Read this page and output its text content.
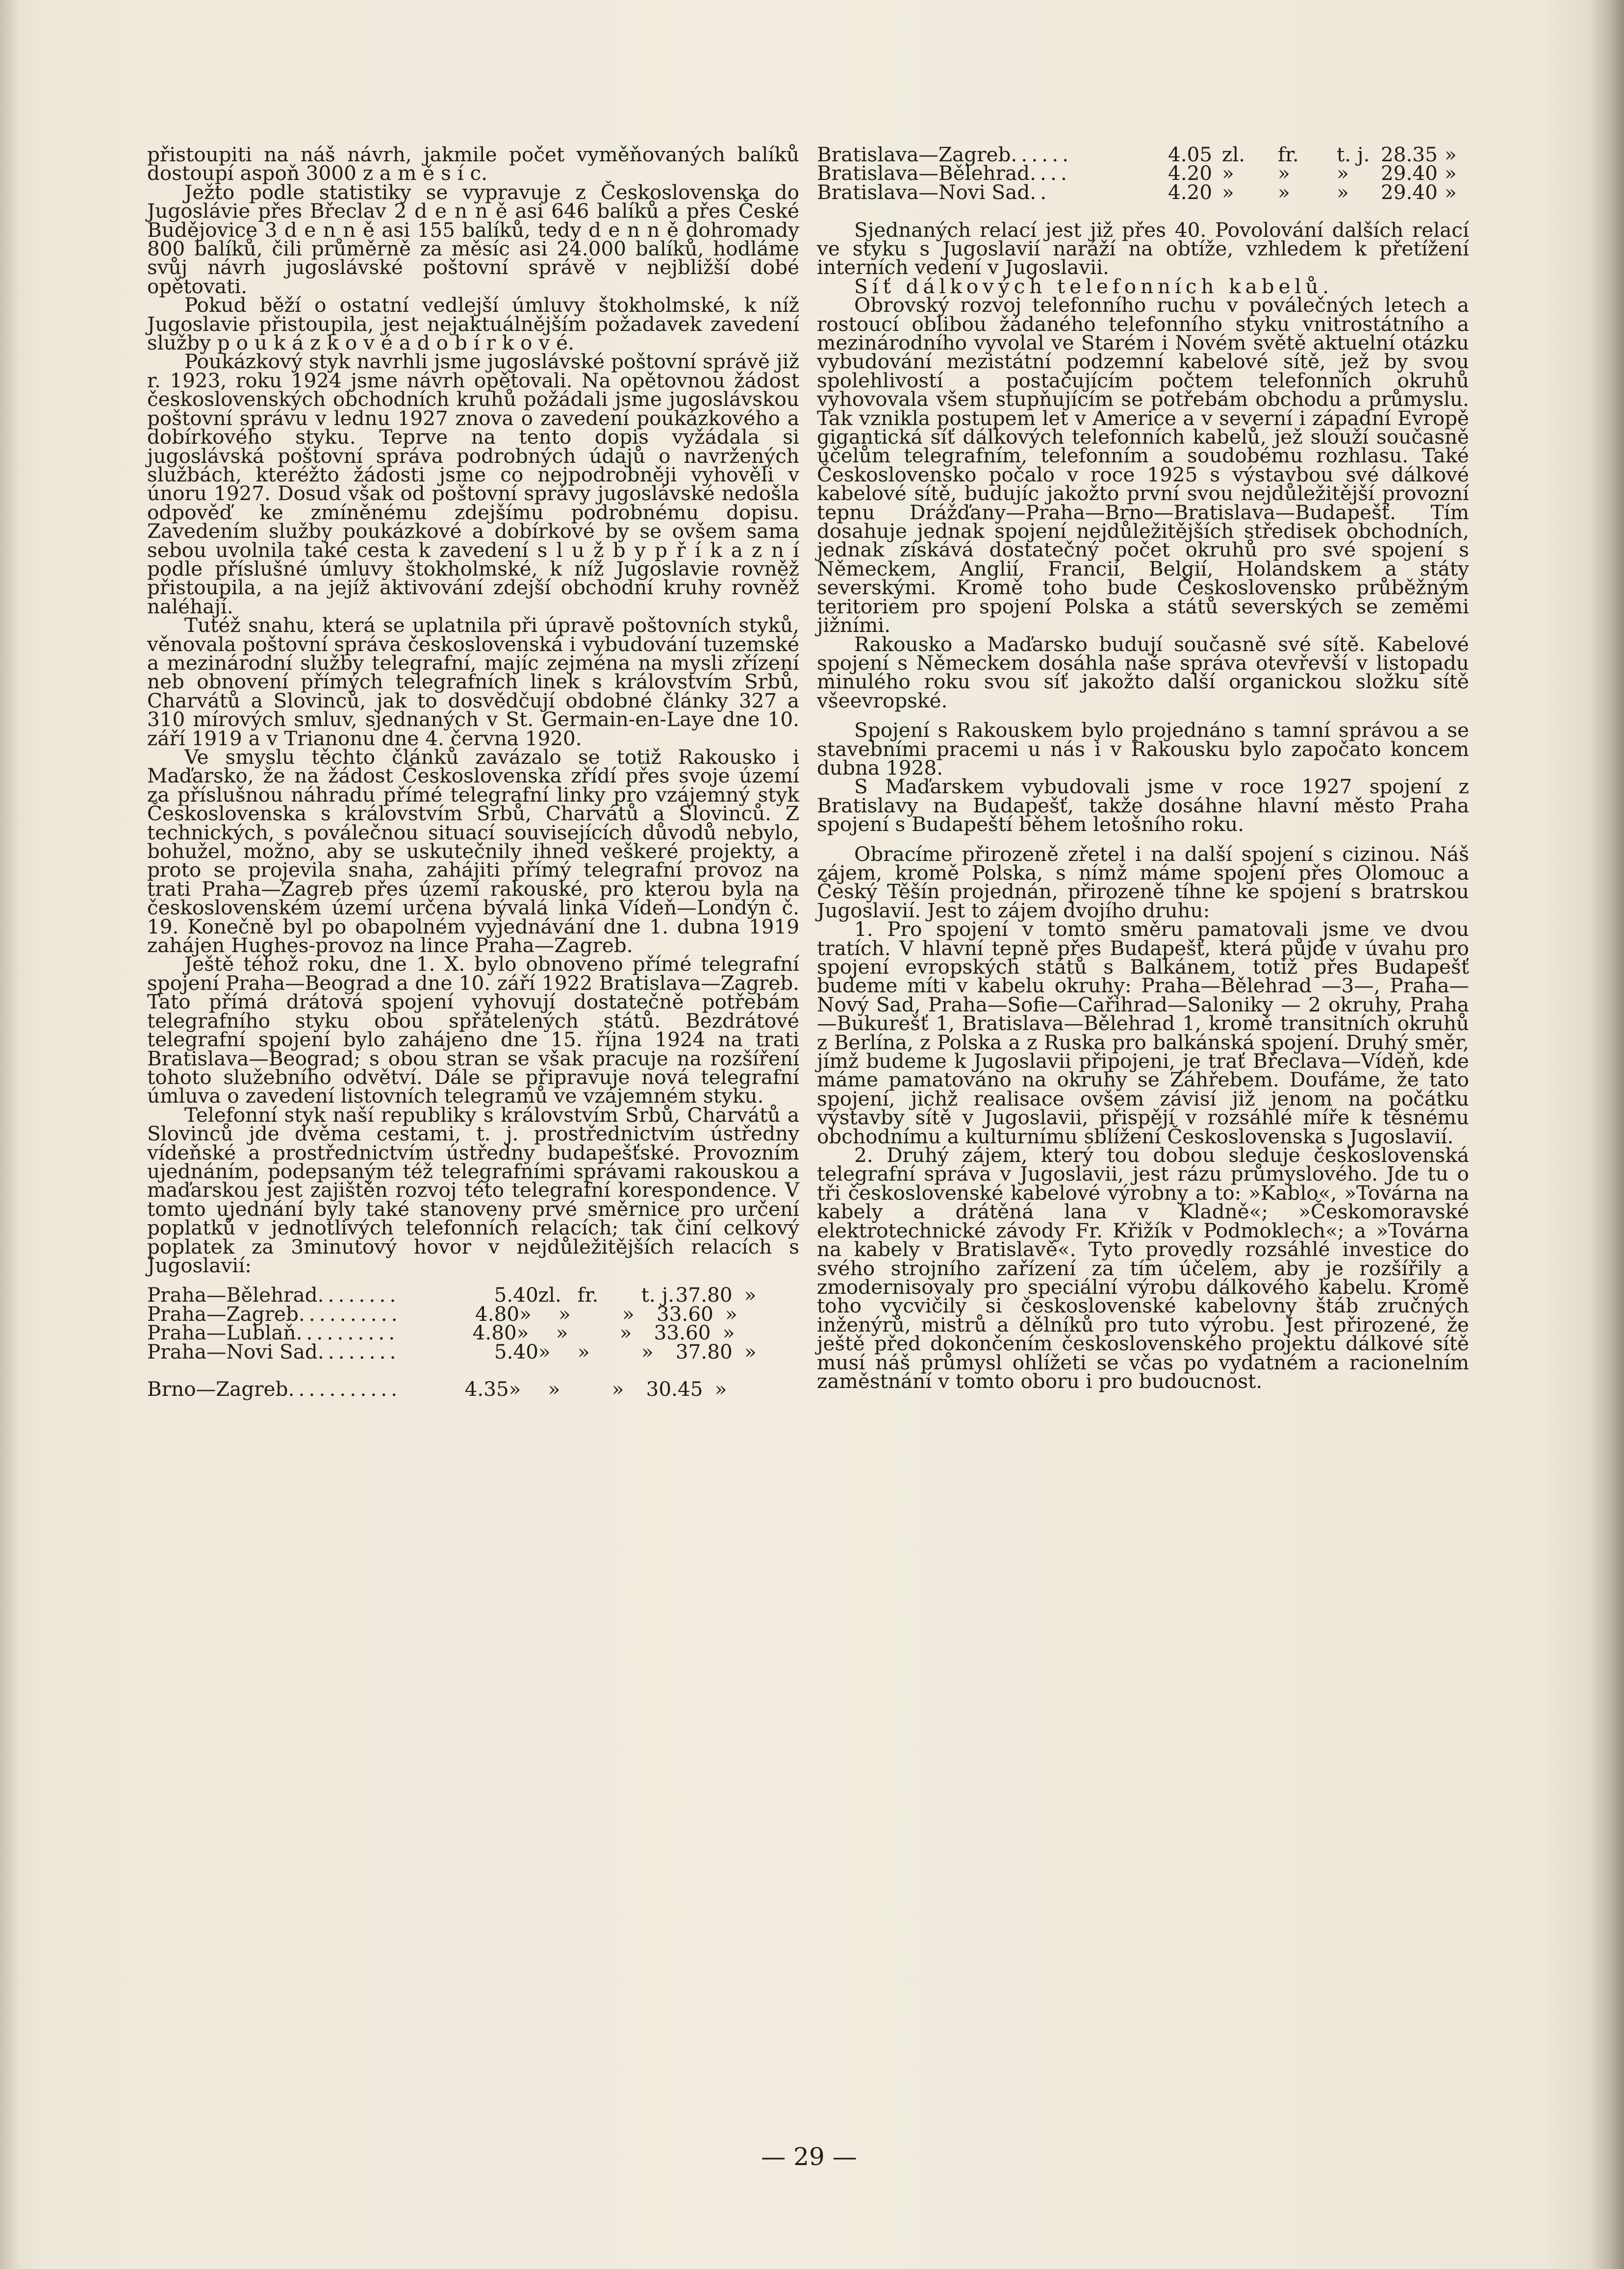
přistoupiti na náš návrh, jakmile počet vyměňovaných balíků dostoupí aspoň 3000 z a m ě s í c.

Ježto podle statistiky se vypravuje z Československa do Jugoslávie přes Břeclav 2 d e n n ě asi 646 balíků a přes České Budějovice 3 d e n n ě asi 155 balíků, tedy d e n n ě dohromady 800 balíků, čili průměrně za měsíc asi 24.000 balíků, hodláme svůj návrh jugoslávské poštovní správě v nejbližší dobé opětovati.

Pokud běží o ostatní vedlejší úmluvy štokholmské, k níž Jugoslavie přistoupila, jest nejaktuálnějším požadavek zavedení služby p o u k á z k o v é a d o b í r k o v é.

Poukázkový styk navrhli jsme jugoslávské poštovní správě již r. 1923, roku 1924 jsme návrh opětovali. Na opětovnou žádost československých obchodních kruhů požádali jsme jugoslávskou poštovní správu v lednu 1927 znova o zavedení poukázkového a dobírkového styku. Teprve na tento dopis vyžádala si jugoslávská poštovní správa podrobných údajů o navržených službách, kteréžto žádosti jsme co nejpodrobněji vyhověli v únoru 1927. Dosud však od poštovní správy jugoslávské nedošla odpověď ke zmíněnému zdejšímu podrobnému dopisu. Zavedením služby poukázkové a dobírkové by se ovšem sama sebou uvolnila také cesta k zavedení s l u ž b y p ř í k a z n í podle příslušné úmluvy štokholmské, k níž Jugoslavie rovněž přistoupila, a na jejíž aktivování zdejší obchodní kruhy rovněž naléhají.

Tutéž snahu, která se uplatnila při úpravě poštovních styků, věnovala poštovní správa československá i vybudování tuzemské a mezinárodní služby telegrafní, majíc zejména na mysli zřízení neb obnovení přímých telegrafních linek s královstvím Srbů, Charvátů a Slovinců, jak to dosvědčují obdobné články 327 a 310 mírových smluv, sjednaných v St. Germain-en-Laye dne 10. září 1919 a v Trianonu dne 4. června 1920.

Ve smyslu těchto článků zavázalo se totiž Rakousko i Maďarsko, že na žádost Československa zřídí přes svoje území za příslušnou náhradu přímé telegrafní linky pro vzájemný styk Československa s královstvím Srbů, Charvátů a Slovinců. Z technických, s poválečnou situací souvisejících důvodů nebylo, bohužel, možno, aby se uskutečnily ihned veškeré projekty, a proto se projevila snaha, zahájiti přímý telegrafní provoz na trati Praha—Zagreb přes území rakouské, pro kterou byla na československém území určena bývalá linka Vídeň—Londýn č. 19. Konečně byl po obapolném vyjednávání dne 1. dubna 1919 zahájen Hughes-provoz na lince Praha—Zagreb.

Ještě téhož roku, dne 1. X. bylo obnoveno přímé telegrafní spojení Praha—Beograd a dne 10. září 1922 Bratislava—Zagreb. Tato přímá drátová spojení vyhovují dostatečně potřebám telegrafního styku obou spřátelených států. Bezdrátové telegrafní spojení bylo zahájeno dne 15. října 1924 na trati Bratislava—Beograd; s obou stran se však pracuje na rozšíření tohoto služebního odvětví. Dále se připravuje nová telegrafní úmluva o zavedení listovních telegramů ve vzájemném styku.

Telefonní styk naší republiky s královstvím Srbů, Charvátů a Slovinců jde dvěma cestami, t. j. prostřednictvím ústředny vídeňské a prostřednictvím ústředny budapešťské. Provozním ujednáním, podepsaným též telegrafními správami rakouskou a maďarskou jest zajištěn rozvoj této telegrafní korespondence. V tomto ujednání byly také stanoveny prvé směrnice pro určení poplatků v jednotlivých telefonních relacích; tak činí celkový poplatek za 3minutový hovor v nejdůležitějších relacích s Jugoslavií:

Praha—Bělehrad ........	5.40 zl. fr.	t. j. 37.80 »
Praha—Zagreb ..........	4.80 »	»	»	33.60 »
Praha—Lublaň ..........	4.80 »	»	»	33.60 »
Praha—Novi Sad ........	5.40 »	»	»	37.80 »
Brno—Zagreb ...........	4.35 »	»	»	30.45 »
Bratislava—Zagreb ......	4.05 zl.	fr.	t. j. 28.35 »
Bratislava—Bělehrad ....	4.20 »	»	»	29.40 »
Bratislava—Novi Sad ..	4.20 »	»	»	29.40 »

Sjednaných relací jest již přes 40. Povolování dalších relací ve styku s Jugoslavií naráží na obtíže, vzhledem k přetížení interních vedení v Jugoslavii.

Síť dálkových telefonních kabelů.

Obrovský rozvoj telefonního ruchu v poválečných letech a rostoucí oblibou žádaného telefonního styku vnitrostátního a mezinárodního vyvolal ve Starém i Novém světě aktuelní otázku vybudování mezistátní podzemní kabelové sítě, jež by svou spolehlivostí a postačujícím počtem telefonních okruhů vyhovovala všem stupňujícím se potřebám obchodu a průmyslu. Tak vznikla postupem let v Americe a v severní i západní Evropě gigantická síť dálkových telefonních kabelů, jež slouží současně účelům telegrafním, telefonním a soudobému rozhlasu. Také Československo počalo v roce 1925 s výstavbou své dálkové kabelové sítě, budujíc jakožto první svou nejdůležitější provozní tepnu Drážďany—Praha—Brno—Bratislava—Budapešť. Tím dosahuje jednak spojení nejdůležitějších středisek obchodních, jednak získává dostatečný počet okruhů pro své spojení s Německem, Anglií, Francií, Belgií, Holandskem a státy severskými. Kromě toho bude Československo průběžným teritoriem pro spojení Polska a států severských se zeměmi jižními.

Rakousko a Maďarsko budují současně své sítě. Kabelové spojení s Německem dosáhla naše správa otevřevší v listopadu minulého roku svou síť jakožto další organickou složku sítě všeevropské.

Spojení s Rakouskem bylo projednáno s tamní správou a se stavebními pracemi u nás i v Rakousku bylo započato koncem dubna 1928.

S Maďarskem vybudovali jsme v roce 1927 spojení z Bratislavy na Budapešť, takže dosáhne hlavní město Praha spojení s Budapeští během letošního roku.

Obracíme přirozeně zřetel i na další spojení s cizinou. Náš zájem, kromě Polska, s nímž máme spojení přes Olomouc a Český Těšín projednán, přirozeně tíhne ke spojení s bratrskou Jugoslavií. Jest to zájem dvojího druhu:

1. Pro spojení v tomto směru pamatovali jsme ve dvou tratích. V hlavní tepně přes Budapešť, která půjde v úvahu pro spojení evropských států s Balkánem, totiž přes Budapešť budeme míti v kabelu okruhy: Praha—Bělehrad —3—, Praha—Nový Sad, Praha—Sofie—Cařihrad—Saloniky — 2 okruhy, Praha—Bukurešť 1, Bratislava—Bělehrad 1, kromě transitních okruhů z Berlína, z Polska a z Ruska pro balkánská spojení. Druhý směr, jímž budeme k Jugoslavii připojeni, je trať Břeclava—Vídeň, kde máme pamatováno na okruhy se Záhřebem. Doufáme, že tato spojení, jichž realisace ovšem závisí již jenom na počátku výstavby sítě v Jugoslavii, přispějí v rozsáhlé míře k těsnému obchodnímu a kulturnímu sblížení Československa s Jugoslavií.

2. Druhý zájem, který tou dobou sleduje československá telegrafní správa v Jugoslavii, jest rázu průmyslového. Jde tu o tři československé kabelové výrobny a to: »Kablo«, »Továrna na kabely a drátěná lana v Kladně«; »Českomoravské elektrotechnické závody Fr. Křižík v Podmoklech«; a »Továrna na kabely v Bratislavě«. Tyto provedly rozsáhlé investice do svého strojního zařízení za tím účelem, aby je rozšířily a zmodernisovaly pro speciální výrobu dálkového kabelu. Kromě toho vycvičily si československé kabelovny štáb zručných inženýrů, mistrů a dělníků pro tuto výrobu. Jest přirozené, že ještě před dokončením československého projektu dálkové sítě musí náš průmysl ohlížeti se včas po vydatném a racionelním zaměstnání v tomto oboru i pro budoucnost.

— 29 —
